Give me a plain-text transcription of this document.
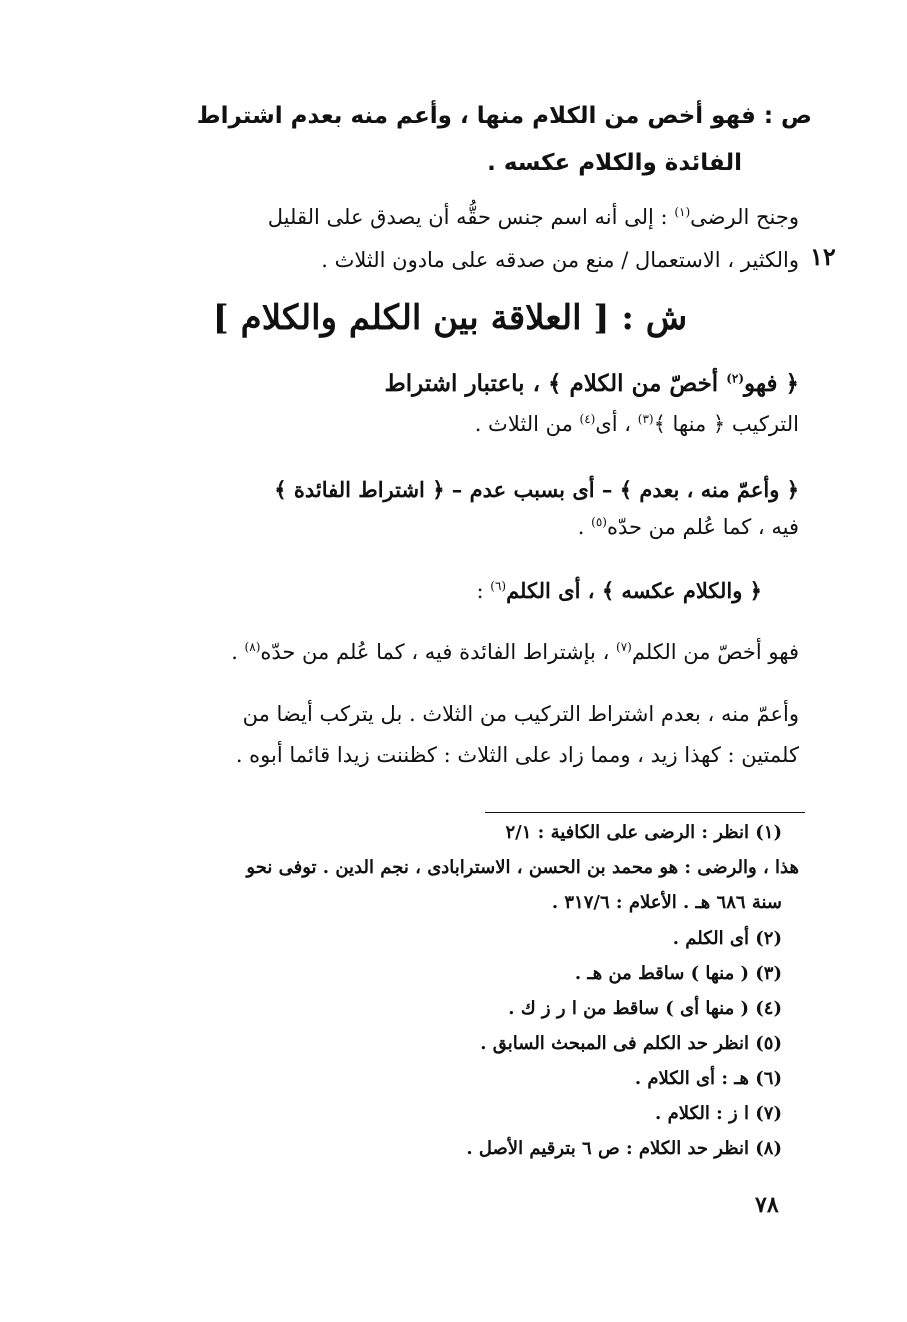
ص : فهو أخص من الكلام منها ، وأعم منه بعدم اشتراط

الفائدة والكلام عكسه .

وجنح الرضى$^{(١)}$ : إلى أنه اسم جنس حقُّه أن يصدق على القليل

١٢

والكثير ، الاستعمال / منع من صدقه على مادون الثلاث .

ش : [ العلاقة بين الكلم والكلام ]

﴿ فهو$^{(٢)}$ أخصّ من الكلام ﴾ ، باعتبار اشتراط

التركيب ﴿ منها ﴾$^{(٣)}$ ، أى$^{(٤)}$ من الثلاث .

﴿ وأعمّ منه ، بعدم ﴾ – أى بسبب عدم – ﴿ اشتراط الفائدة ﴾

فيه ، كما عُلم من حدّه$^{(٥)}$ .

﴿ والكلام عكسه ﴾ ، أى الكلم$^{(٦)}$ :

فهو أخصّ من الكلم$^{(٧)}$ ، بإشتراط الفائدة فيه ، كما عُلم من حدّه$^{(٨)}$ .

وأعمّ منه ، بعدم اشتراط التركيب من الثلاث . بل يتركب أيضا من

كلمتين : كهذا زيد ، ومما زاد على الثلاث : كظننت زيدا قائما أبوه .

(١) انظر : الرضى على الكافية : ٢/١

هذا ، والرضى : هو محمد بن الحسن ، الاسترابادى ، نجم الدين . توفى نحو

سنة ٦٨٦ هـ . الأعلام : ٣١٧/٦ .

(٢) أى الكلم .

(٣) ( منها ) ساقط من هـ .

(٤) ( منها أى ) ساقط من ا ر ز ك .

(٥) انظر حد الكلم فى المبحث السابق .

(٦) هـ : أى الكلام .

(٧) ا ز : الكلام .

(٨) انظر حد الكلام : ص ٦ بترقيم الأصل .

٧٨
